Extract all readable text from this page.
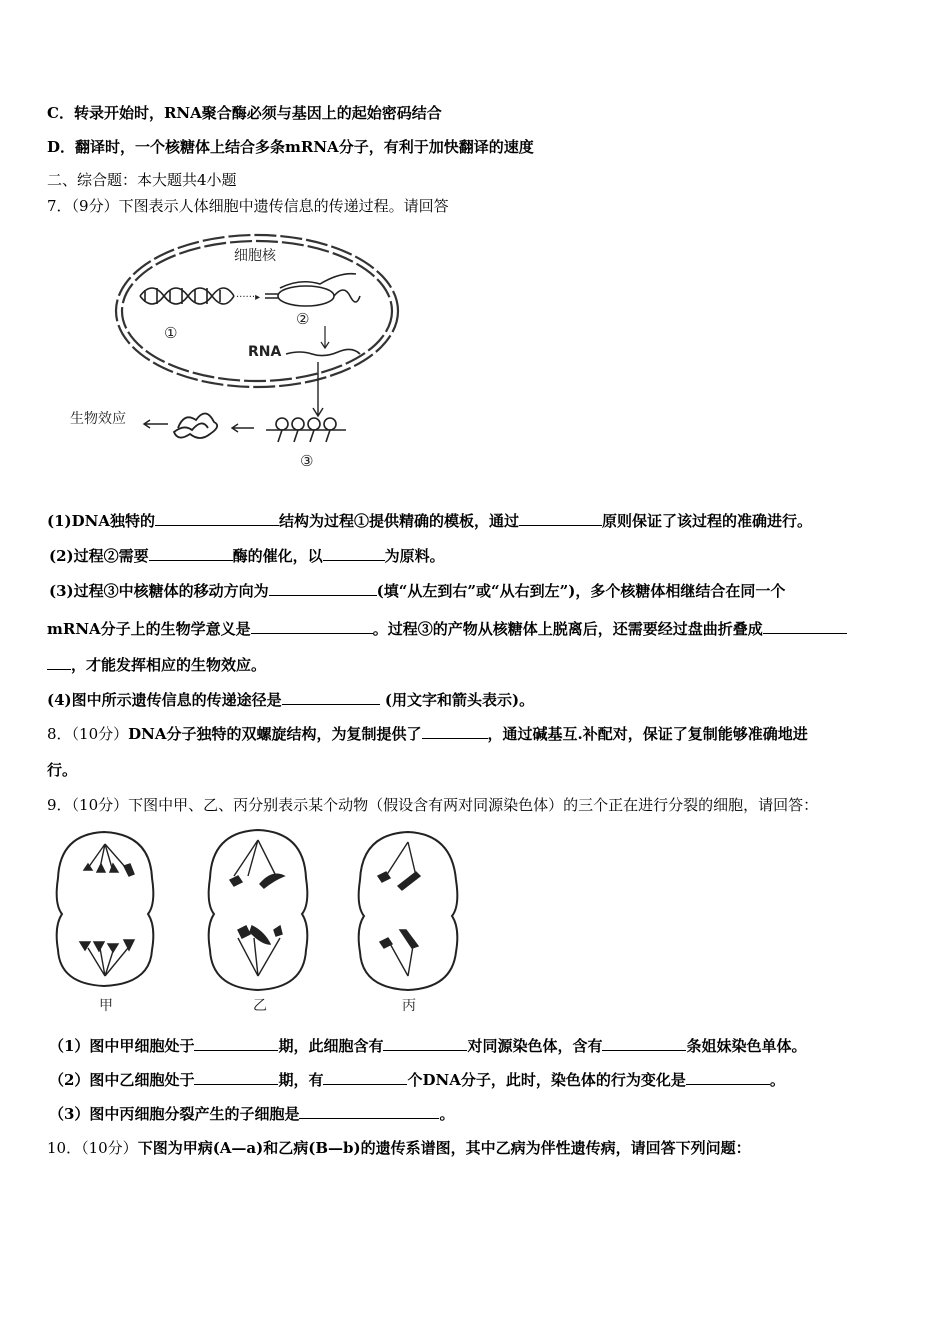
C．转录开始时，RNA聚合酶必须与基因上的起始密码结合
D．翻译时，一个核糖体上结合多条mRNA分子，有利于加快翻译的速度
二、综合题：本大题共4小题
7．（9分）下图表示人体细胞中遗传信息的传递过程。请回答
细胞核
······▸
①
②
RNA
③
生物效应
(1)DNA独特的	结构为过程①提供精确的模板，通过	原则保证了该过程的准确进行。
(2)过程②需要	酶的催化，以	为原料。
(3)过程③中核糖体的移动方向为	(填“从左到右”或“从右到左”)，多个核糖体相继结合在同一个
mRNA分子上的生物学意义是	。过程③的产物从核糖体上脱离后，还需要经过盘曲折叠成
，才能发挥相应的生物效应。
(4)图中所示遗传信息的传递途径是	(用文字和箭头表示)。
8．（10分）DNA分子独特的双螺旋结构，为复制提供了	，通过碱基互.补配对，保证了复制能够准确地进
行。
9．（10分）下图中甲、乙、丙分别表示某个动物（假设含有两对同源染色体）的三个正在进行分裂的细胞，请回答：
甲	乙	丙
（1）图中甲细胞处于	期，此细胞含有	对同源染色体，含有	条姐妹染色单体。
（2）图中乙细胞处于	期，有	个DNA分子，此时，染色体的行为变化是	。
（3）图中丙细胞分裂产生的子细胞是	。
10．（10分）下图为甲病(A—a)和乙病(B—b)的遗传系谱图，其中乙病为伴性遗传病，请回答下列问题：
